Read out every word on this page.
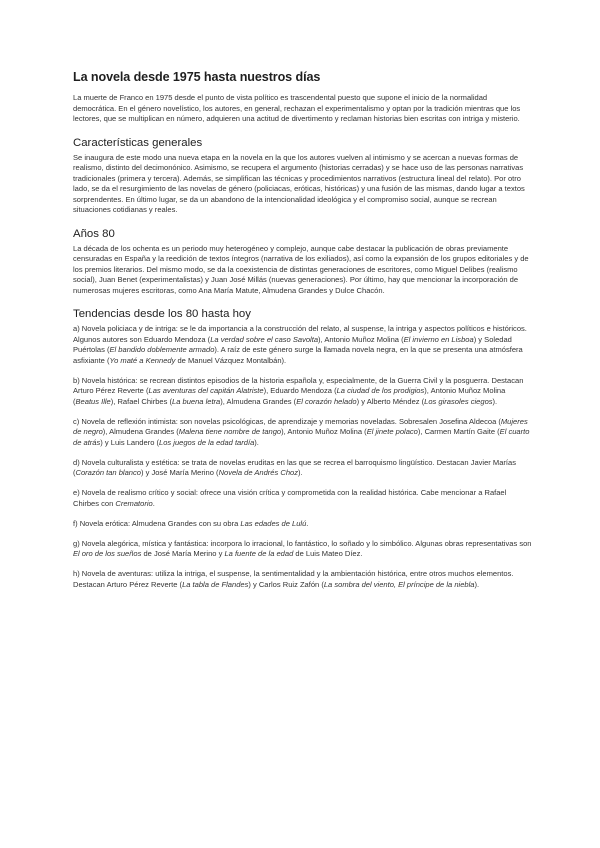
La novela desde 1975 hasta nuestros días

La muerte de Franco en 1975 desde el punto de vista político es trascendental puesto que supone el inicio de la normalidad democrática. En el género novelístico, los autores, en general, rechazan el experimentalismo y optan por la tradición mientras que los lectores, que se multiplican en número, adquieren una actitud de divertimento y reclaman historias bien escritas con intriga y misterio.

Características generales

Se inaugura de este modo una nueva etapa en la novela en la que los autores vuelven al intimismo y se acercan a nuevas formas de realismo, distinto del decimonónico. Asimismo, se recupera el argumento (historias cerradas) y se hace uso de las personas narrativas tradicionales (primera y tercera). Además, se simplifican las técnicas y procedimientos narrativos (estructura lineal del relato). Por otro lado, se da el resurgimiento de las novelas de género (policiacas, eróticas, históricas) y una fusión de las mismas, dando lugar a textos sorprendentes. En último lugar, se da un abandono de la intencionalidad ideológica y el compromiso social, aunque se recrean situaciones cotidianas y reales.

Años 80

La década de los ochenta es un periodo muy heterogéneo y complejo, aunque cabe destacar la publicación de obras previamente censuradas en España y la reedición de textos íntegros (narrativa de los exiliados), así como la expansión de los grupos editoriales y de los premios literarios. Del mismo modo, se da la coexistencia de distintas generaciones de escritores, como Miguel Delibes (realismo social), Juan Benet (experimentalistas) y Juan José Millás (nuevas generaciones). Por último, hay que mencionar la incorporación de numerosas mujeres escritoras, como Ana María Matute, Almudena Grandes y Dulce Chacón.

Tendencias desde los 80 hasta hoy

a) Novela policiaca y de intriga: se le da importancia a la construcción del relato, al suspense, la intriga y aspectos políticos e históricos. Algunos autores son Eduardo Mendoza (La verdad sobre el caso Savolta), Antonio Muñoz Molina (El invierno en Lisboa) y Soledad Puértolas (El bandido doblemente armado). A raíz de este género surge la llamada novela negra, en la que se presenta una atmósfera asfixiante (Yo maté a Kennedy de Manuel Vázquez Montalbán).

b) Novela histórica: se recrean distintos episodios de la historia española y, especialmente, de la Guerra Civil y la posguerra. Destacan Arturo Pérez Reverte (Las aventuras del capitán Alatriste), Eduardo Mendoza (La ciudad de los prodigios), Antonio Muñoz Molina (Beatus Ille), Rafael Chirbes (La buena letra), Almudena Grandes (El corazón helado) y Alberto Méndez (Los girasoles ciegos).

c) Novela de reflexión intimista: son novelas psicológicas, de aprendizaje y memorias noveladas. Sobresalen Josefina Aldecoa (Mujeres de negro), Almudena Grandes (Malena tiene nombre de tango), Antonio Muñoz Molina (El jinete polaco), Carmen Martín Gaite (El cuarto de atrás) y Luis Landero (Los juegos de la edad tardía).

d) Novela culturalista y estética: se trata de novelas eruditas en las que se recrea el barroquismo lingüístico. Destacan Javier Marías (Corazón tan blanco) y José María Merino (Novela de Andrés Choz).

e) Novela de realismo crítico y social: ofrece una visión crítica y comprometida con la realidad histórica. Cabe mencionar a Rafael Chirbes con Crematorio.

f) Novela erótica: Almudena Grandes con su obra Las edades de Lulú.

g) Novela alegórica, mística y fantástica: incorpora lo irracional, lo fantástico, lo soñado y lo simbólico. Algunas obras representativas son El oro de los sueños de José María Merino y La fuente de la edad de Luis Mateo Díez.

h) Novela de aventuras: utiliza la intriga, el suspense, la sentimentalidad y la ambientación histórica, entre otros muchos elementos. Destacan Arturo Pérez Reverte (La tabla de Flandes) y Carlos Ruiz Zafón (La sombra del viento, El príncipe de la niebla).
